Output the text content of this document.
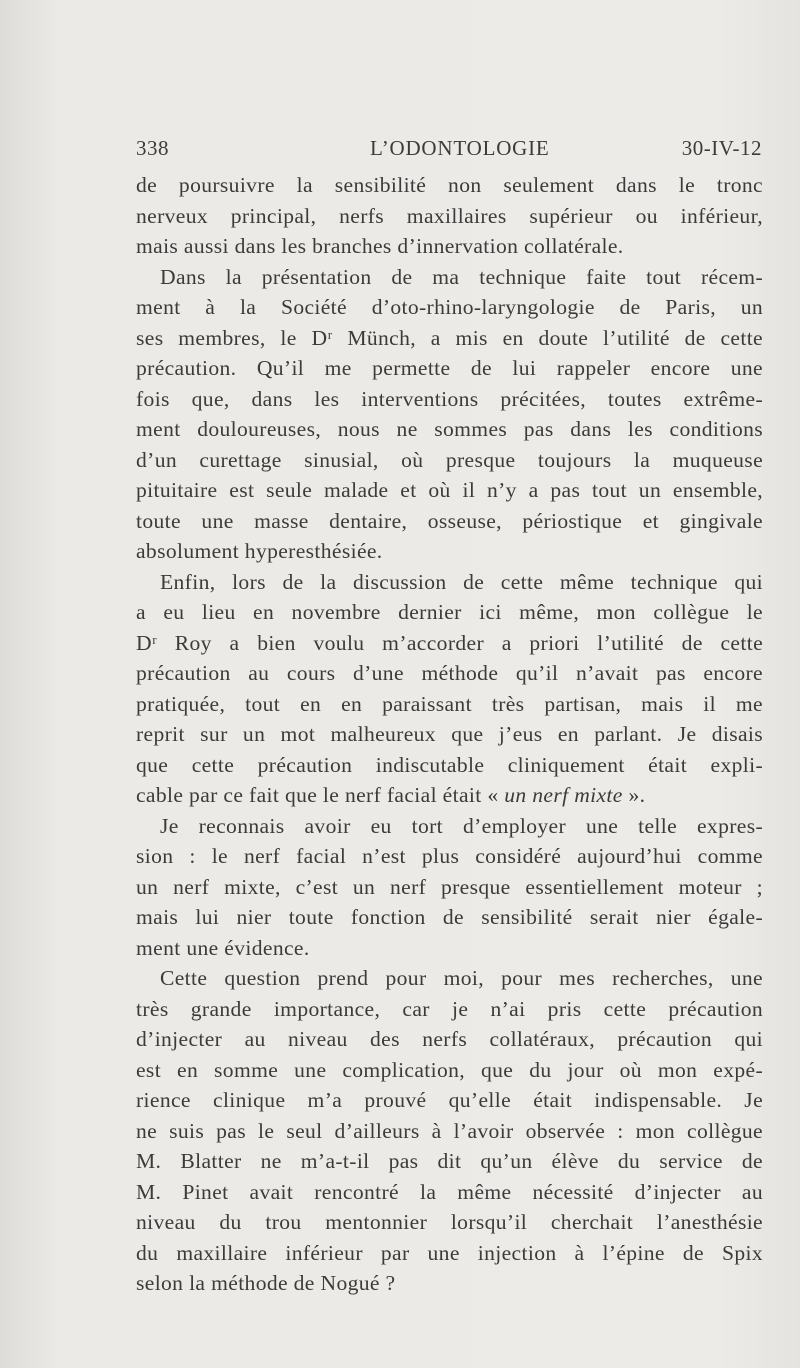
338	L’ODONTOLOGIE	30-IV-12
de poursuivre la sensibilité non seulement dans le tronc
nerveux principal, nerfs maxillaires supérieur ou inférieur,
mais aussi dans les branches d’innervation collatérale.
Dans la présentation de ma technique faite tout récem-
ment à la Société d’oto-rhino-laryngologie de Paris, un
ses membres, le Dʳ Münch, a mis en doute l’utilité de cette
précaution. Qu’il me permette de lui rappeler encore une
fois que, dans les interventions précitées, toutes extrême-
ment douloureuses, nous ne sommes pas dans les conditions
d’un curettage sinusial, où presque toujours la muqueuse
pituitaire est seule malade et où il n’y a pas tout un ensemble,
toute une masse dentaire, osseuse, périostique et gingivale
absolument hyperesthésiée.
Enfin, lors de la discussion de cette même technique qui
a eu lieu en novembre dernier ici même, mon collègue le
Dʳ Roy a bien voulu m’accorder a priori l’utilité de cette
précaution au cours d’une méthode qu’il n’avait pas encore
pratiquée, tout en en paraissant très partisan, mais il me
reprit sur un mot malheureux que j’eus en parlant. Je disais
que cette précaution indiscutable cliniquement était expli-
cable par ce fait que le nerf facial était « un nerf mixte ».
Je reconnais avoir eu tort d’employer une telle expres-
sion : le nerf facial n’est plus considéré aujourd’hui comme
un nerf mixte, c’est un nerf presque essentiellement moteur ;
mais lui nier toute fonction de sensibilité serait nier égale-
ment une évidence.
Cette question prend pour moi, pour mes recherches, une
très grande importance, car je n’ai pris cette précaution
d’injecter au niveau des nerfs collatéraux, précaution qui
est en somme une complication, que du jour où mon expé-
rience clinique m’a prouvé qu’elle était indispensable. Je
ne suis pas le seul d’ailleurs à l’avoir observée : mon collègue
M. Blatter ne m’a-t-il pas dit qu’un élève du service de
M. Pinet avait rencontré la même nécessité d’injecter au
niveau du trou mentonnier lorsqu’il cherchait l’anesthésie
du maxillaire inférieur par une injection à l’épine de Spix
selon la méthode de Nogué ?
